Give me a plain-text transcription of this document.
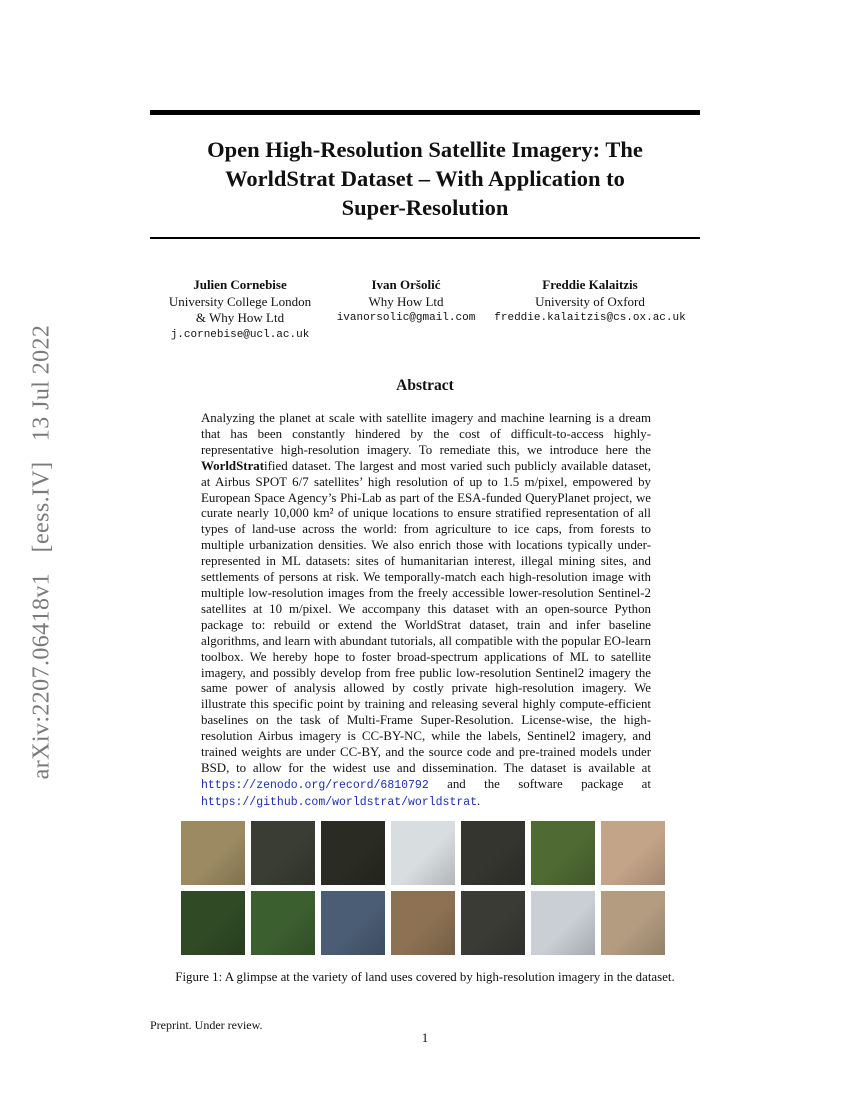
Open High-Resolution Satellite Imagery: The
WorldStrat Dataset – With Application to
Super-Resolution
arXiv:2207.06418v1 [eess.IV] 13 Jul 2022
Julien Cornebise
University College London
& Why How Ltd
j.cornebise@ucl.ac.uk
Ivan Oršolić
Why How Ltd
ivanorsolic@gmail.com
Freddie Kalaitzis
University of Oxford
freddie.kalaitzis@cs.ox.ac.uk
Abstract

Analyzing the planet at scale with satellite imagery and machine learning is a dream that has been constantly hindered by the cost of difficult-to-access highly-representative high-resolution imagery. To remediate this, we introduce here the WorldStratified dataset. The largest and most varied such publicly available dataset, at Airbus SPOT 6/7 satellites’ high resolution of up to 1.5 m/pixel, empowered by European Space Agency’s Phi-Lab as part of the ESA-funded QueryPlanet project, we curate nearly 10,000 km² of unique locations to ensure stratified representation of all types of land-use across the world: from agriculture to ice caps, from forests to multiple urbanization densities. We also enrich those with locations typically under-represented in ML datasets: sites of humanitarian interest, illegal mining sites, and settlements of persons at risk. We temporally-match each high-resolution image with multiple low-resolution images from the freely accessible lower-resolution Sentinel-2 satellites at 10 m/pixel. We accompany this dataset with an open-source Python package to: rebuild or extend the WorldStrat dataset, train and infer baseline algorithms, and learn with abundant tutorials, all compatible with the popular EO-learn toolbox. We hereby hope to foster broad-spectrum applications of ML to satellite imagery, and possibly develop from free public low-resolution Sentinel2 imagery the same power of analysis allowed by costly private high-resolution imagery. We illustrate this specific point by training and releasing several highly compute-efficient baselines on the task of Multi-Frame Super-Resolution. License-wise, the high-resolution Airbus imagery is CC-BY-NC, while the labels, Sentinel2 imagery, and trained weights are under CC-BY, and the source code and pre-trained models under BSD, to allow for the widest use and dissemination. The dataset is available at https://zenodo.org/record/6810792 and the software package at https://github.com/worldstrat/worldstrat.

Figure 1: A glimpse at the variety of land uses covered by high-resolution imagery in the dataset.
Preprint. Under review.
1
